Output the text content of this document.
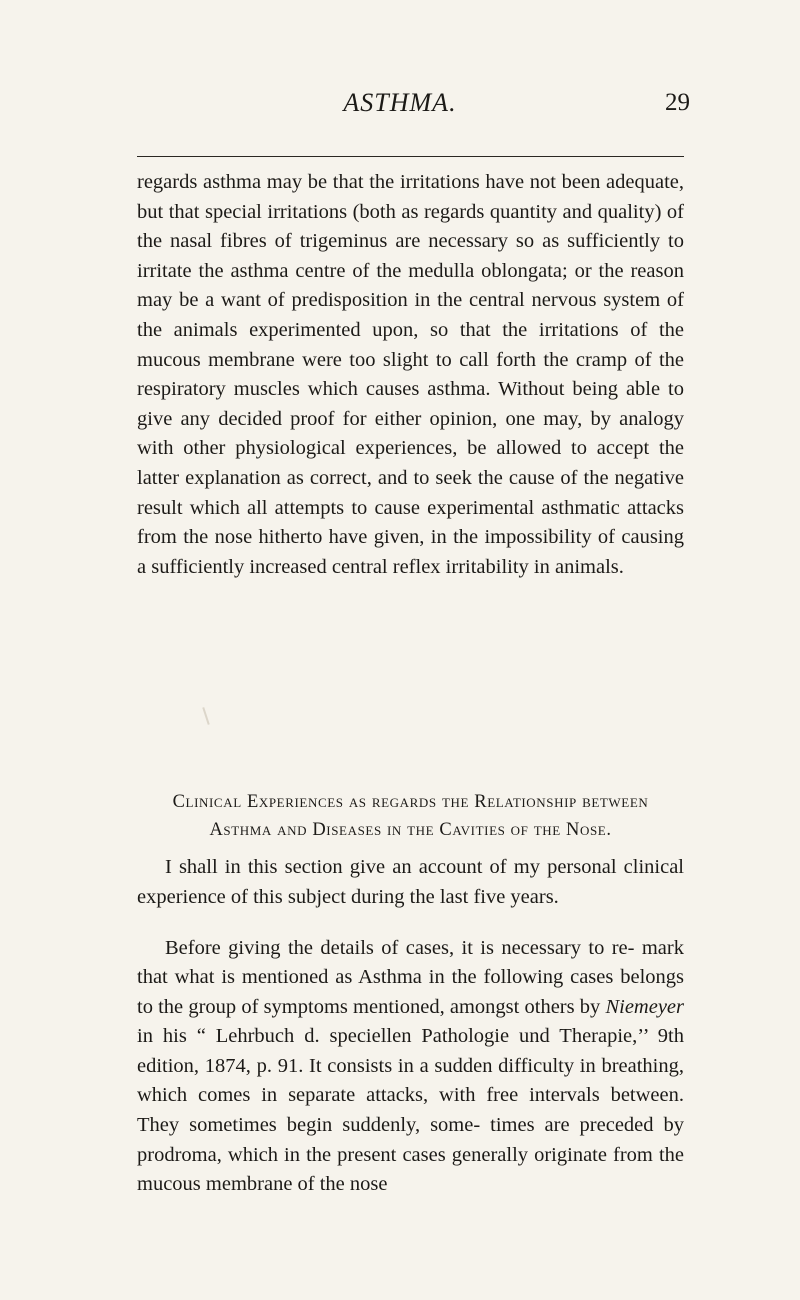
ASTHMA.	29

regards asthma may be that the irritations have not been adequate, but that special irritations (both as regards quantity and quality) of the nasal fibres of trigeminus are necessary so as sufficiently to irritate the asthma centre of the medulla oblongata; or the reason may be a want of predisposition in the central nervous system of the animals experimented upon, so that the irritations of the mucous membrane were too slight to call forth the cramp of the respiratory muscles which causes asthma. Without being able to give any decided proof for either opinion, one may, by analogy with other physiological experiences, be allowed to accept the latter explanation as correct, and to seek the cause of the negative result which all attempts to cause experimental asthmatic attacks from the nose hitherto have given, in the impossibility of causing a sufficiently increased central reflex irritability in animals.

Clinical Experiences as regards the Relationship between
Asthma and Diseases in the Cavities of the Nose.

I shall in this section give an account of my personal clinical experience of this subject during the last five years.

Before giving the details of cases, it is necessary to re- mark that what is mentioned as Asthma in the following cases belongs to the group of symptoms mentioned, amongst others by Niemeyer in his “ Lehrbuch d. speciellen Pathologie und Therapie,’’ 9th edition, 1874, p. 91. It consists in a sudden difficulty in breathing, which comes in separate attacks, with free intervals between. They sometimes begin suddenly, some- times are preceded by prodroma, which in the present cases generally originate from the mucous membrane of the nose
